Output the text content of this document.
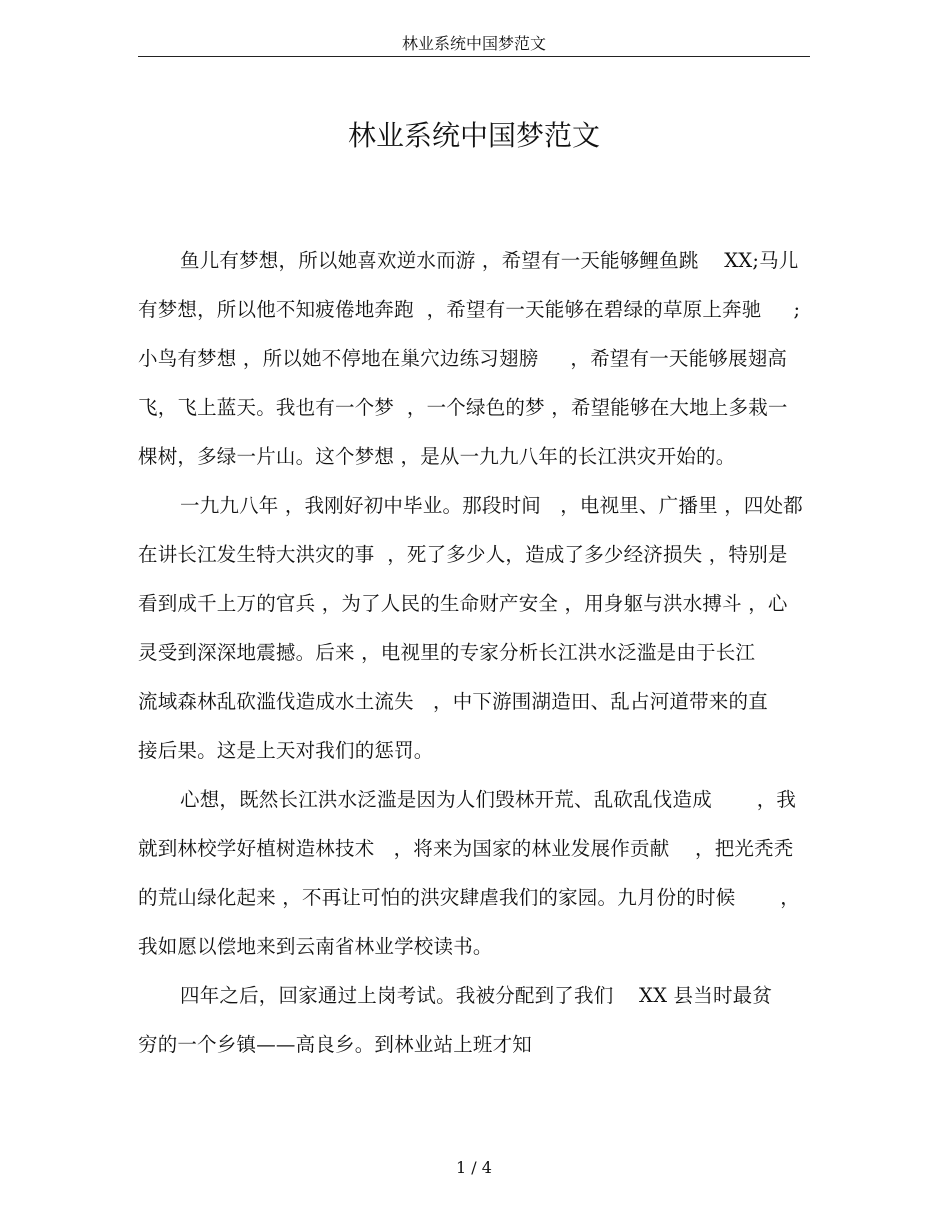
林业系统中国梦范文
林业系统中国梦范文
鱼儿有梦想，所以她喜欢逆水而游 ，希望有一天能够鲤鱼跳    XX;马儿
有梦想，所以他不知疲倦地奔跑  ，希望有一天能够在碧绿的草原上奔驰     ;
小鸟有梦想 ，所以她不停地在巢穴边练习翅膀     ，希望有一天能够展翅高
飞，飞上蓝天。我也有一个梦  ，一个绿色的梦 ，希望能够在大地上多栽一
棵树，多绿一片山。这个梦想 ，是从一九九八年的长江洪灾开始的。
一九九八年 ，我刚好初中毕业。那段时间   ，电视里、广播里 ，四处都
在讲长江发生特大洪灾的事  ，死了多少人，造成了多少经济损失 ，特别是
看到成千上万的官兵 ，为了人民的生命财产安全 ，用身躯与洪水搏斗 ，心
灵受到深深地震撼。后来 ，电视里的专家分析长江洪水泛滥是由于长江
流域森林乱砍滥伐造成水土流失   ，中下游围湖造田、乱占河道带来的直
接后果。这是上天对我们的惩罚。
心想，既然长江洪水泛滥是因为人们毁林开荒、乱砍乱伐造成       ，我
就到林校学好植树造林技术   ，将来为国家的林业发展作贡献    ，把光秃秃
的荒山绿化起来 ，不再让可怕的洪灾肆虐我们的家园。九月份的时候       ，
我如愿以偿地来到云南省林业学校读书。
四年之后，回家通过上岗考试。我被分配到了我们    XX 县当时最贫
穷的一个乡镇——高良乡。到林业站上班才知
1 / 4
